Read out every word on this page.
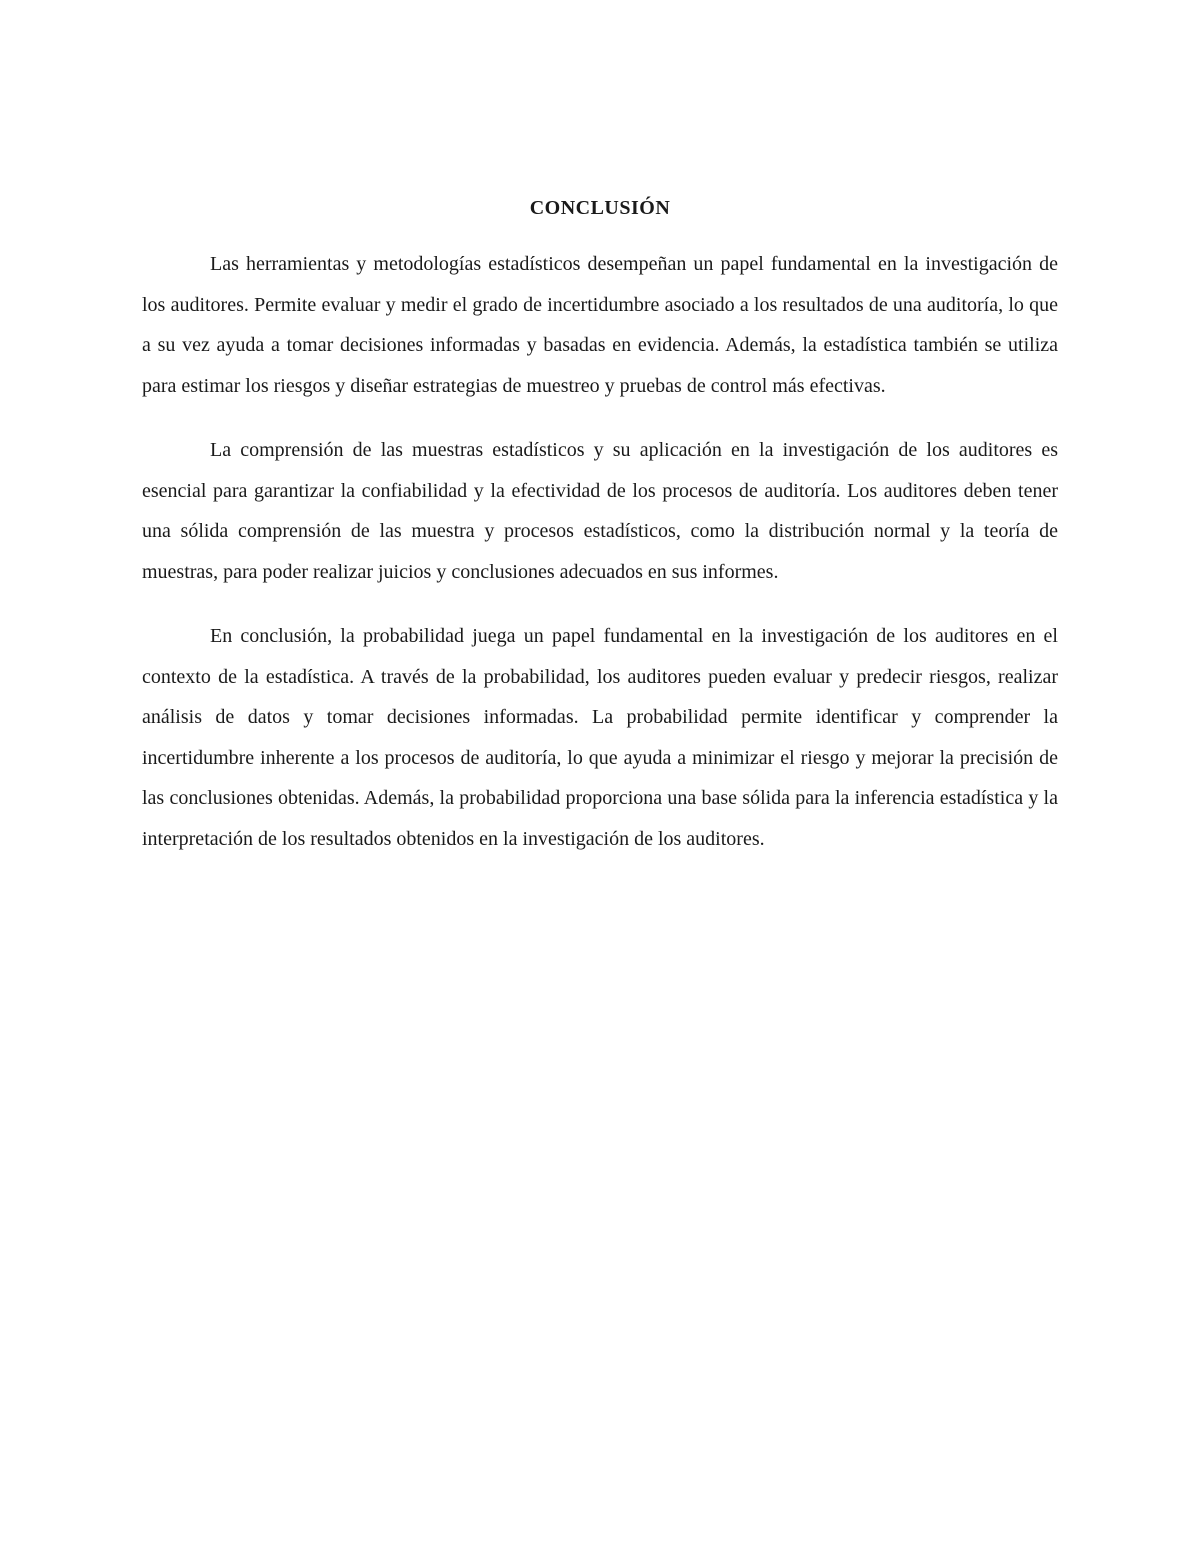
CONCLUSIÓN

Las herramientas y metodologías estadísticos desempeñan un papel fundamental en la investigación de los auditores. Permite evaluar y medir el grado de incertidumbre asociado a los resultados de una auditoría, lo que a su vez ayuda a tomar decisiones informadas y basadas en evidencia. Además, la estadística también se utiliza para estimar los riesgos y diseñar estrategias de muestreo y pruebas de control más efectivas.

La comprensión de las muestras estadísticos y su aplicación en la investigación de los auditores es esencial para garantizar la confiabilidad y la efectividad de los procesos de auditoría. Los auditores deben tener una sólida comprensión de las muestra y procesos estadísticos, como la distribución normal y la teoría de muestras, para poder realizar juicios y conclusiones adecuados en sus informes.

En conclusión, la probabilidad juega un papel fundamental en la investigación de los auditores en el contexto de la estadística. A través de la probabilidad, los auditores pueden evaluar y predecir riesgos, realizar análisis de datos y tomar decisiones informadas. La probabilidad permite identificar y comprender la incertidumbre inherente a los procesos de auditoría, lo que ayuda a minimizar el riesgo y mejorar la precisión de las conclusiones obtenidas. Además, la probabilidad proporciona una base sólida para la inferencia estadística y la interpretación de los resultados obtenidos en la investigación de los auditores.
